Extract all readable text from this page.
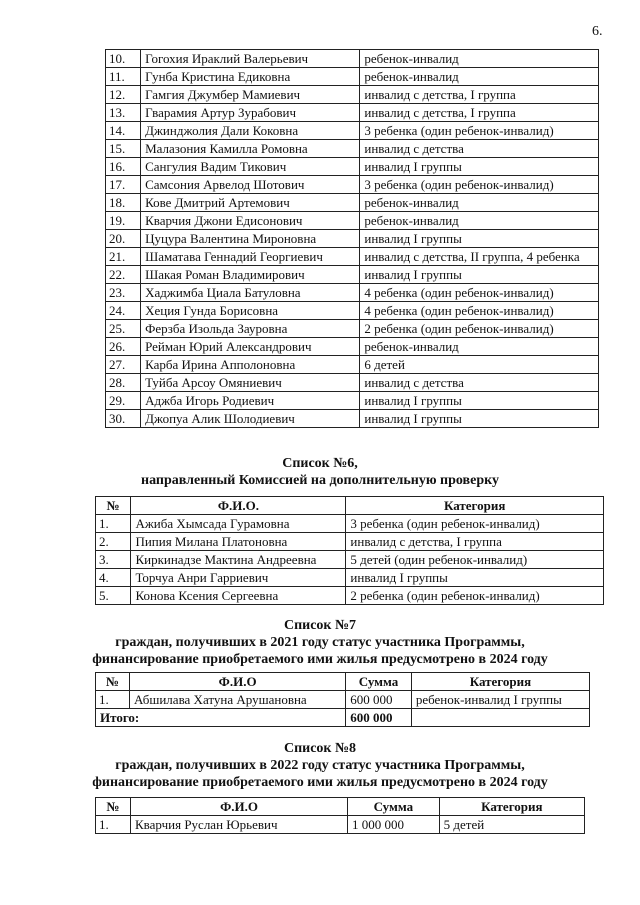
6.
10.	Гогохия Ираклий Валерьевич	ребенок-инвалид
11.	Гунба Кристина Едиковна	ребенок-инвалид
12.	Гамгия Джумбер Мамиевич	инвалид с детства, I группа
13.	Гварамия Артур Зурабович	инвалид с детства, I группа
14.	Джинджолия Дали Коковна	3 ребенка (один ребенок-инвалид)
15.	Малазония Камилла Ромовна	инвалид с детства
16.	Сангулия Вадим Тикович	инвалид I группы
17.	Самсония Арвелод Шотович	3 ребенка (один ребенок-инвалид)
18.	Кове Дмитрий Артемович	ребенок-инвалид
19.	Кварчия Джони Едисонович	ребенок-инвалид
20.	Цуцура Валентина Мироновна	инвалид I группы
21.	Шаматава Геннадий Георгиевич	инвалид с детства, II группа, 4 ребенка
22.	Шакая Роман Владимирович	инвалид I группы
23.	Хаджимба Циала Батуловна	4 ребенка (один ребенок-инвалид)
24.	Хеция Гунда Борисовна	4 ребенка (один ребенок-инвалид)
25.	Ферзба Изольда Зауровна	2 ребенка (один ребенок-инвалид)
26.	Рейман Юрий Александрович	ребенок-инвалид
27.	Карба Ирина Апполоновна	6 детей
28.	Туйба Арсоу Омяниевич	инвалид с детства
29.	Аджба Игорь Родиевич	инвалид I группы
30.	Джопуа Алик Шолодиевич	инвалид I группы
Список №6,
направленный Комиссией на дополнительную проверку
№	Ф.И.О.	Категория
1.	Ажиба Хымсада Гурамовна	3 ребенка (один ребенок-инвалид)
2.	Пипия Милана Платоновна	инвалид с детства, I группа
3.	Киркинадзе Мактина Андреевна	5 детей (один ребенок-инвалид)
4.	Торчуа Анри Гарриевич	инвалид I группы
5.	Конова Ксения Сергеевна	2 ребенка (один ребенок-инвалид)
Список №7
граждан, получивших в 2021 году статус участника Программы,
финансирование приобретаемого ими жилья предусмотрено в 2024 году
№	Ф.И.О	Сумма	Категория
1.	Абшилава Хатуна Арушановна	600 000	ребенок-инвалид I группы
Итого:		600 000	
Список №8
граждан, получивших в 2022 году статус участника Программы,
финансирование приобретаемого ими жилья предусмотрено в 2024 году
№	Ф.И.О	Сумма	Категория
1.	Кварчия Руслан Юрьевич	1 000 000	5 детей
